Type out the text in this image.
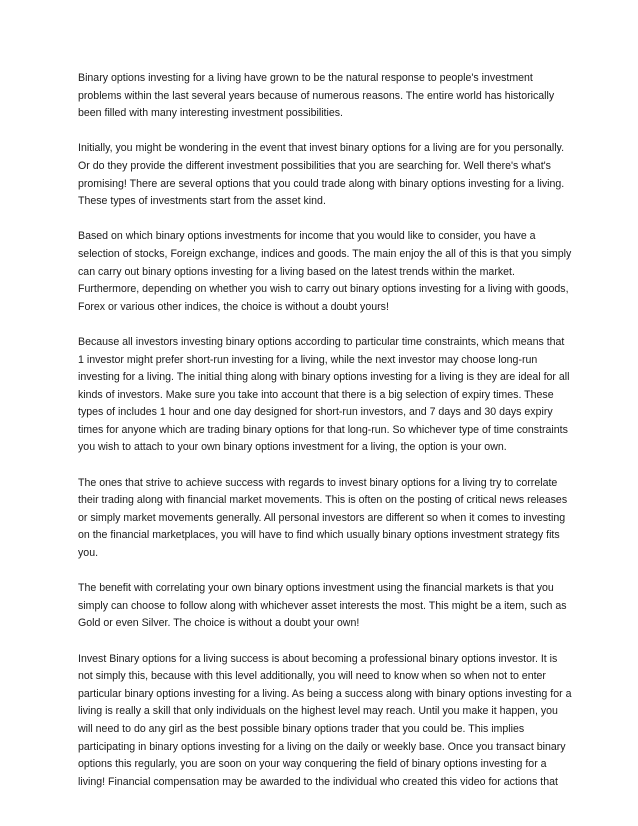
Binary options investing for a living have grown to be the natural response to people's investment problems within the last several years because of numerous reasons. The entire world has historically been filled with many interesting investment possibilities.

Initially, you might be wondering in the event that invest binary options for a living are for you personally. Or do they provide the different investment possibilities that you are searching for. Well there's what's promising! There are several options that you could trade along with binary options investing for a living. These types of investments start from the asset kind.

Based on which binary options investments for income that you would like to consider, you have a selection of stocks, Foreign exchange, indices and goods. The main enjoy the all of this is that you simply can carry out binary options investing for a living based on the latest trends within the market. Furthermore, depending on whether you wish to carry out binary options investing for a living with goods, Forex or various other indices, the choice is without a doubt yours!

Because all investors investing binary options according to particular time constraints, which means that 1 investor might prefer short-run investing for a living, while the next investor may choose long-run investing for a living. The initial thing along with binary options investing for a living is they are ideal for all kinds of investors. Make sure you take into account that there is a big selection of expiry times. These types of includes 1 hour and one day designed for short-run investors, and 7 days and 30 days expiry times for anyone which are trading binary options for that long-run. So whichever type of time constraints you wish to attach to your own binary options investment for a living, the option is your own.

The ones that strive to achieve success with regards to invest binary options for a living try to correlate their trading along with financial market movements. This is often on the posting of critical news releases or simply market movements generally. All personal investors are different so when it comes to investing on the financial marketplaces, you will have to find which usually binary options investment strategy fits you.

The benefit with correlating your own binary options investment using the financial markets is that you simply can choose to follow along with whichever asset interests the most. This might be a item, such as Gold or even Silver. The choice is without a doubt your own!

Invest Binary options for a living success is about becoming a professional binary options investor. It is not simply this, because with this level additionally, you will need to know when so when not to enter particular binary options investing for a living. As being a success along with binary options investing for a living is really a skill that only individuals on the highest level may reach. Until you make it happen, you will need to do any girl as the best possible binary options trader that you could be. This implies participating in binary options investing for a living on the daily or weekly base. Once you transact binary options this regularly, you are soon on your way conquering the field of binary options investing for a living! Financial compensation may be awarded to the individual who created this video for actions that
